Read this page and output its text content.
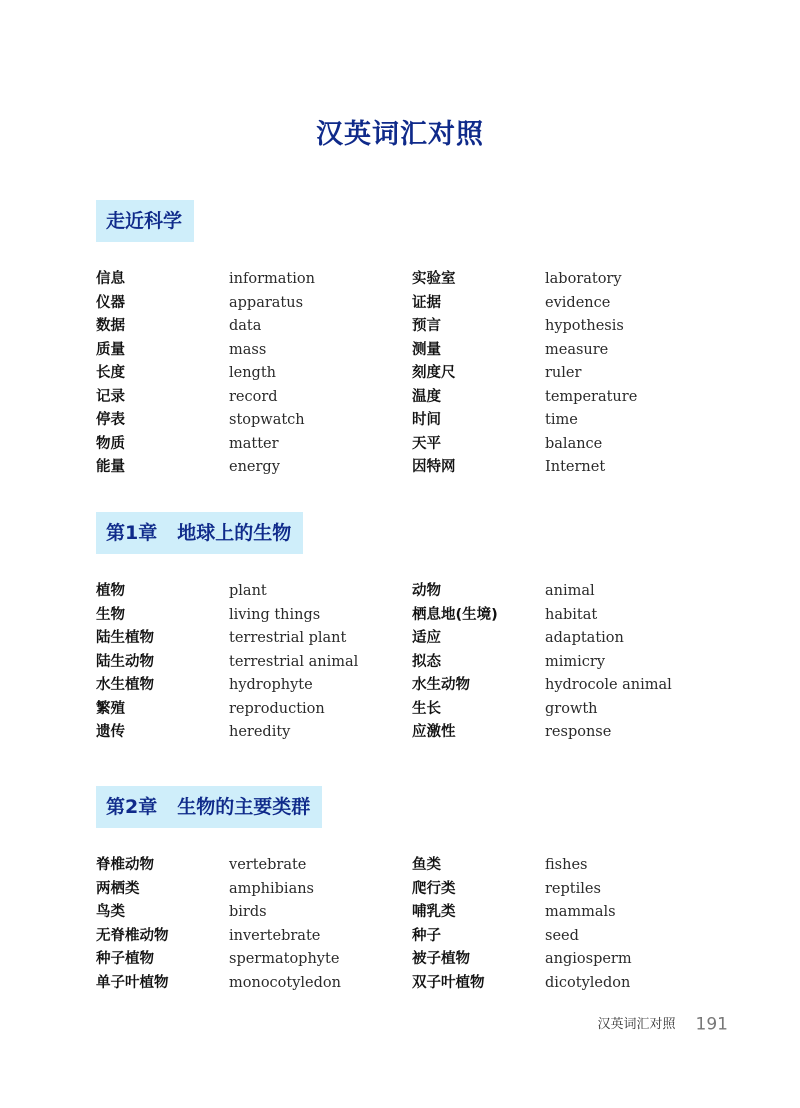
汉英词汇对照
走近科学
信息	information	实验室	laboratory
仪器	apparatus	证据	evidence
数据	data	预言	hypothesis
质量	mass	测量	measure
长度	length	刻度尺	ruler
记录	record	温度	temperature
停表	stopwatch	时间	time
物质	matter	天平	balance
能量	energy	因特网	Internet
第1章 地球上的生物
植物	plant	动物	animal
生物	living things	栖息地(生境)	habitat
陆生植物	terrestrial plant	适应	adaptation
陆生动物	terrestrial animal	拟态	mimicry
水生植物	hydrophyte	水生动物	hydrocole animal
繁殖	reproduction	生长	growth
遗传	heredity	应激性	response
第2章 生物的主要类群
脊椎动物	vertebrate	鱼类	fishes
两栖类	amphibians	爬行类	reptiles
鸟类	birds	哺乳类	mammals
无脊椎动物	invertebrate	种子	seed
种子植物	spermatophyte	被子植物	angiosperm
单子叶植物	monocotyledon	双子叶植物	dicotyledon
汉英词汇对照 191
